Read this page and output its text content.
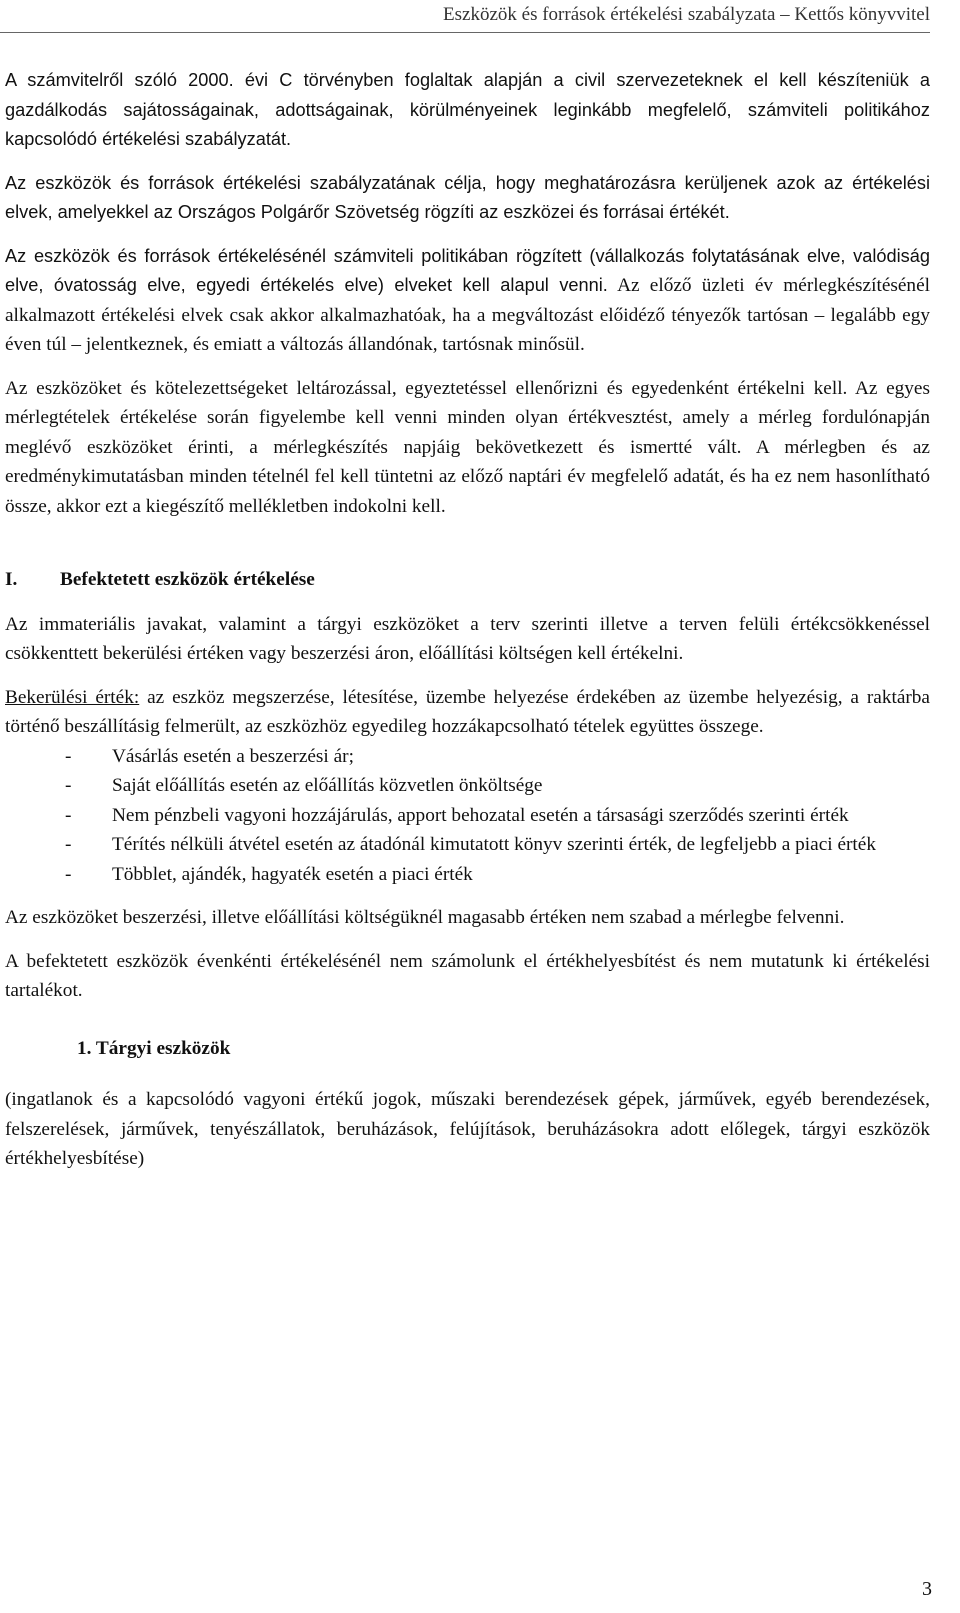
Eszközök és források értékelési szabályzata – Kettős könyvvitel

A számvitelről szóló 2000. évi C törvényben foglaltak alapján a civil szervezeteknek el kell készíteniük a gazdálkodás sajátosságainak, adottságainak, körülményeinek leginkább megfelelő, számviteli politikához kapcsolódó értékelési szabályzatát.

Az eszközök és források értékelési szabályzatának célja, hogy meghatározásra kerüljenek azok az értékelési elvek, amelyekkel az Országos Polgárőr Szövetség rögzíti az eszközei és forrásai értékét.

Az eszközök és források értékelésénél számviteli politikában rögzített (vállalkozás folytatásának elve, valódiság elve, óvatosság elve, egyedi értékelés elve) elveket kell alapul venni. Az előző üzleti év mérlegkészítésénél alkalmazott értékelési elvek csak akkor alkalmazhatóak, ha a megváltozást előidéző tényezők tartósan – legalább egy éven túl – jelentkeznek, és emiatt a változás állandónak, tartósnak minősül.

Az eszközöket és kötelezettségeket leltározással, egyeztetéssel ellenőrizni és egyedenként értékelni kell. Az egyes mérlegtételek értékelése során figyelembe kell venni minden olyan értékvesztést, amely a mérleg fordulónapján meglévő eszközöket érinti, a mérlegkészítés napjáig bekövetkezett és ismertté vált. A mérlegben és az eredménykimutatásban minden tételnél fel kell tüntetni az előző naptári év megfelelő adatát, és ha ez nem hasonlítható össze, akkor ezt a kiegészítő mellékletben indokolni kell.

I.	Befektetett eszközök értékelése

Az immateriális javakat, valamint a tárgyi eszközöket a terv szerinti illetve a terven felüli értékcsökkenéssel csökkenttett bekerülési értéken vagy beszerzési áron, előállítási költségen kell értékelni.

Bekerülési érték: az eszköz megszerzése, létesítése, üzembe helyezése érdekében az üzembe helyezésig, a raktárba történő beszállításig felmerült, az eszközhöz egyedileg hozzákapcsolható tételek együttes összege.

- Vásárlás esetén a beszerzési ár;
- Saját előállítás esetén az előállítás közvetlen önköltsége
- Nem pénzbeli vagyoni hozzájárulás, apport behozatal esetén a társasági szerződés szerinti érték
- Térítés nélküli átvétel esetén az átadónál kimutatott könyv szerinti érték, de legfeljebb a piaci érték
- Többlet, ajándék, hagyaték esetén a piaci érték

Az eszközöket beszerzési, illetve előállítási költségüknél magasabb értéken nem szabad a mérlegbe felvenni.

A befektetett eszközök évenkénti értékelésénél nem számolunk el értékhelyesbítést és nem mutatunk ki értékelési tartalékot.

1. Tárgyi eszközök

(ingatlanok és a kapcsolódó vagyoni értékű jogok, műszaki berendezések gépek, járművek, egyéb berendezések, felszerelések, járművek, tenyészállatok, beruházások, felújítások, beruházásokra adott előlegek, tárgyi eszközök értékhelyesbítése)

3
